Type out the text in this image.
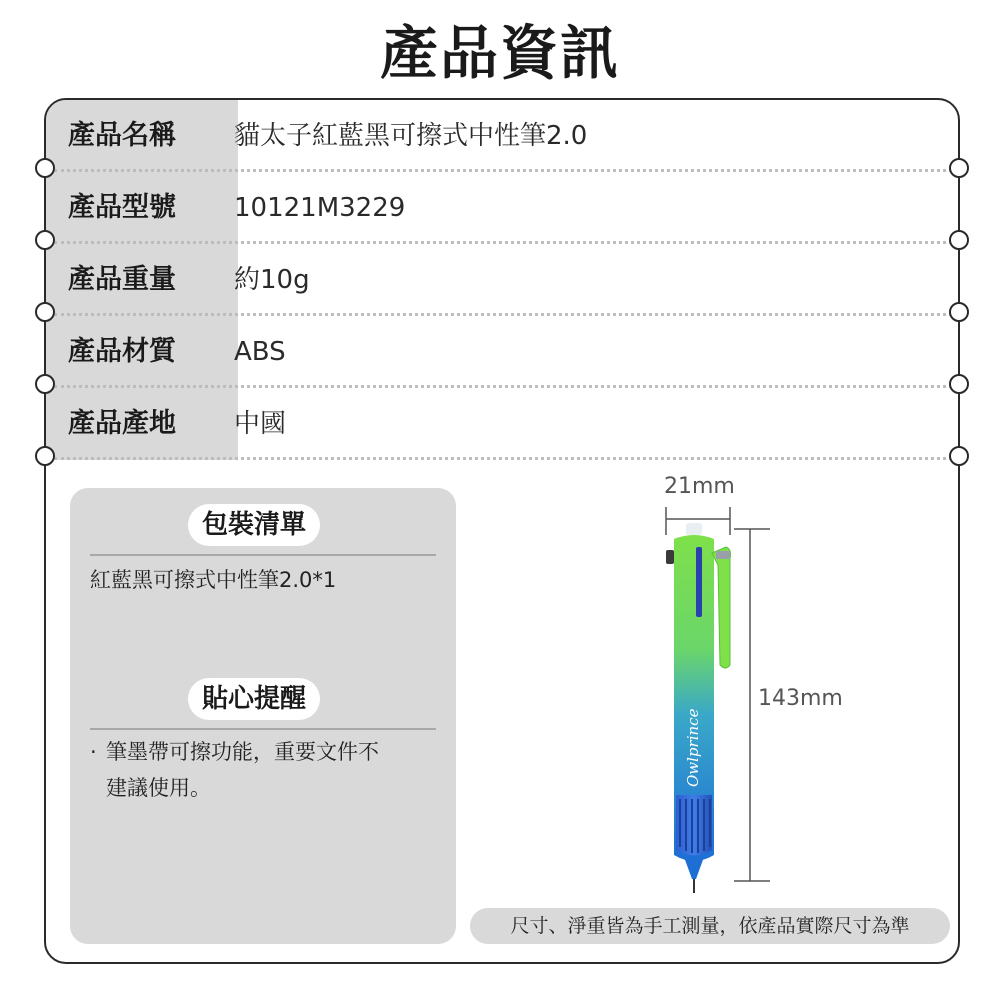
產品資訊
產品名稱	貓太子紅藍黑可擦式中性筆2.0
產品型號	10121M3229
產品重量	約10g
產品材質	ABS
產品產地	中國
包裝清單
紅藍黑可擦式中性筆2.0*1
貼心提醒
· 筆墨帶可擦功能，重要文件不
建議使用。
21mm
143mm
Owlprince
尺寸、淨重皆為手工測量，依產品實際尺寸為準
